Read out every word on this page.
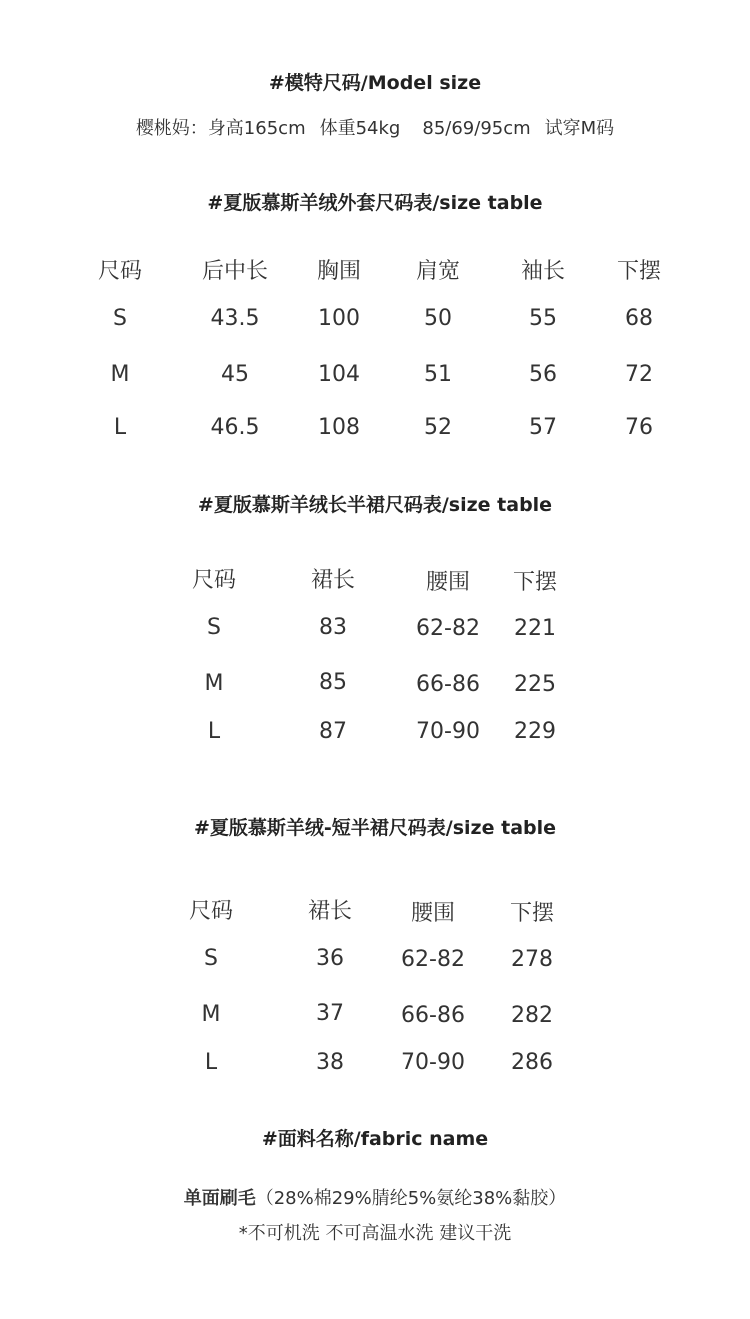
#模特尺码/Model size
樱桃妈：身高165cm 体重54kg 85/69/95cm 试穿M码
#夏版慕斯羊绒外套尺码表/size table
尺码	后中长	胸围	肩宽	袖长	下摆
S	43.5	100	50	55	68
M	45	104	51	56	72
L	46.5	108	52	57	76
#夏版慕斯羊绒长半裙尺码表/size table
尺码	裙长	腰围	下摆
S	83	62-82	221
M	85	66-86	225
L	87	70-90	229
#夏版慕斯羊绒-短半裙尺码表/size table
尺码	裙长	腰围	下摆
S	36	62-82	278
M	37	66-86	282
L	38	70-90	286
#面料名称/fabric name
单面刷毛（28%棉29%腈纶5%氨纶38%黏胶）
*不可机洗 不可高温水洗 建议干洗
